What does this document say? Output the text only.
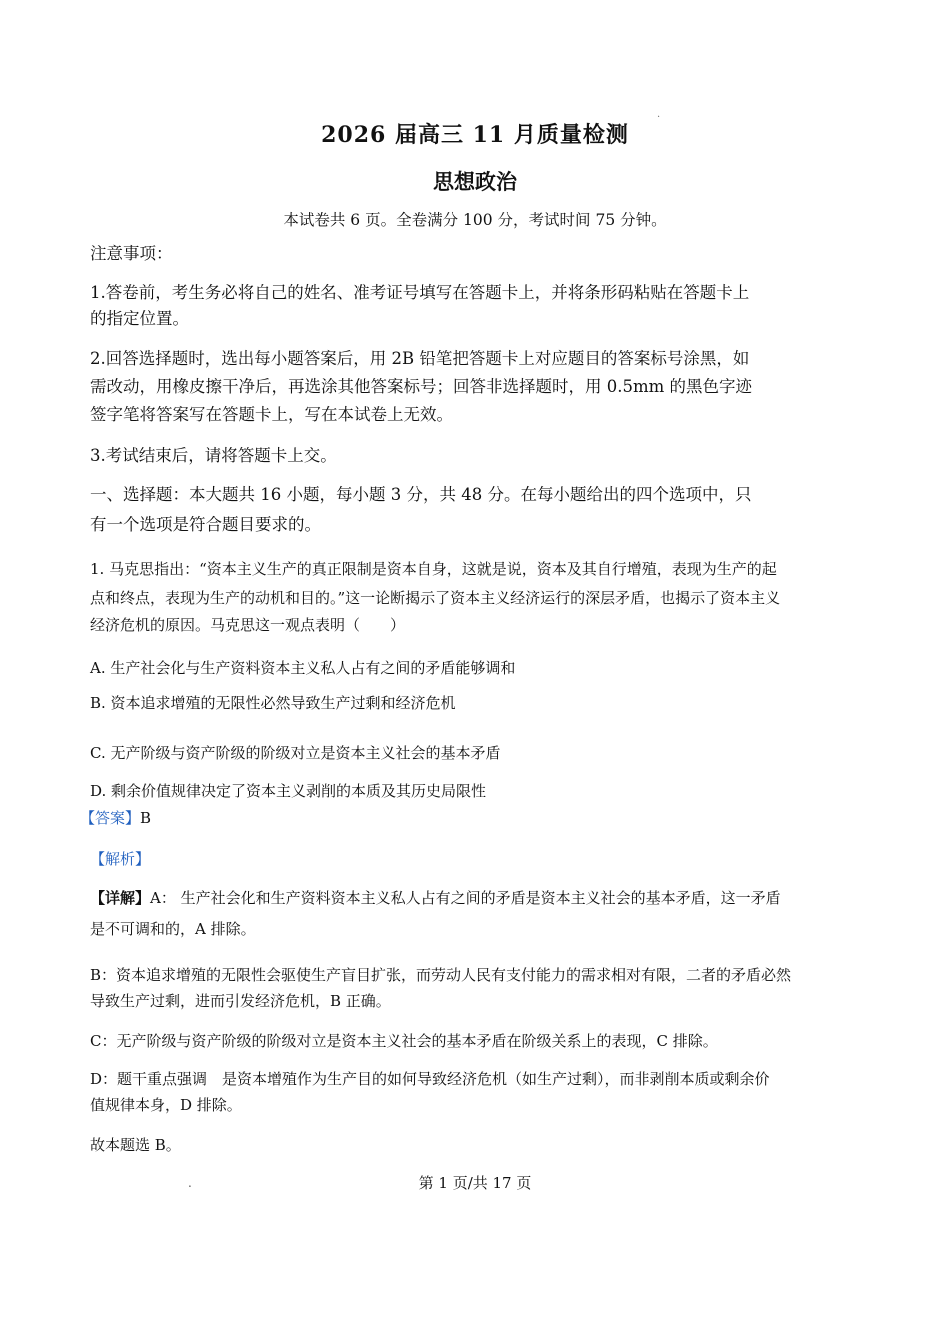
·
2026 届高三 11 月质量检测
思想政治

本试卷共 6 页。全卷满分 100 分，考试时间 75 分钟。

注意事项：

1.答卷前，考生务必将自己的姓名、准考证号填写在答题卡上，并将条形码粘贴在答题卡上

的指定位置。

2.回答选择题时，选出每小题答案后，用 2B 铅笔把答题卡上对应题目的答案标号涂黑，如

需改动，用橡皮擦干净后，再选涂其他答案标号；回答非选择题时，用 0.5mm 的黑色字迹

签字笔将答案写在答题卡上，写在本试卷上无效。

3.考试结束后，请将答题卡上交。

一、选择题：本大题共 16 小题，每小题 3 分，共 48 分。在每小题给出的四个选项中，只

有一个选项是符合题目要求的。

1. 马克思指出：“资本主义生产的真正限制是资本自身，这就是说，资本及其自行增殖，表现为生产的起

点和终点，表现为生产的动机和目的。”这一论断揭示了资本主义经济运行的深层矛盾，也揭示了资本主义

经济危机的原因。马克思这一观点表明（　　）

A. 生产社会化与生产资料资本主义私人占有之间的矛盾能够调和

B. 资本追求增殖的无限性必然导致生产过剩和经济危机

C. 无产阶级与资产阶级的阶级对立是资本主义社会的基本矛盾

D. 剩余价值规律决定了资本主义剥削的本质及其历史局限性

【答案】B

【解析】

【详解】A： 生产社会化和生产资料资本主义私人占有之间的矛盾是资本主义社会的基本矛盾，这一矛盾

是不可调和的，A 排除。

B：资本追求增殖的无限性会驱使生产盲目扩张，而劳动人民有支付能力的需求相对有限，二者的矛盾必然

导致生产过剩，进而引发经济危机，B 正确。

C：无产阶级与资产阶级的阶级对立是资本主义社会的基本矛盾在阶级关系上的表现，C 排除。

D：题干重点强调　是资本增殖作为生产目的如何导致经济危机（如生产过剩），而非剥削本质或剩余价

值规律本身，D 排除。

故本题选 B。

.	第 1 页/共 17 页
